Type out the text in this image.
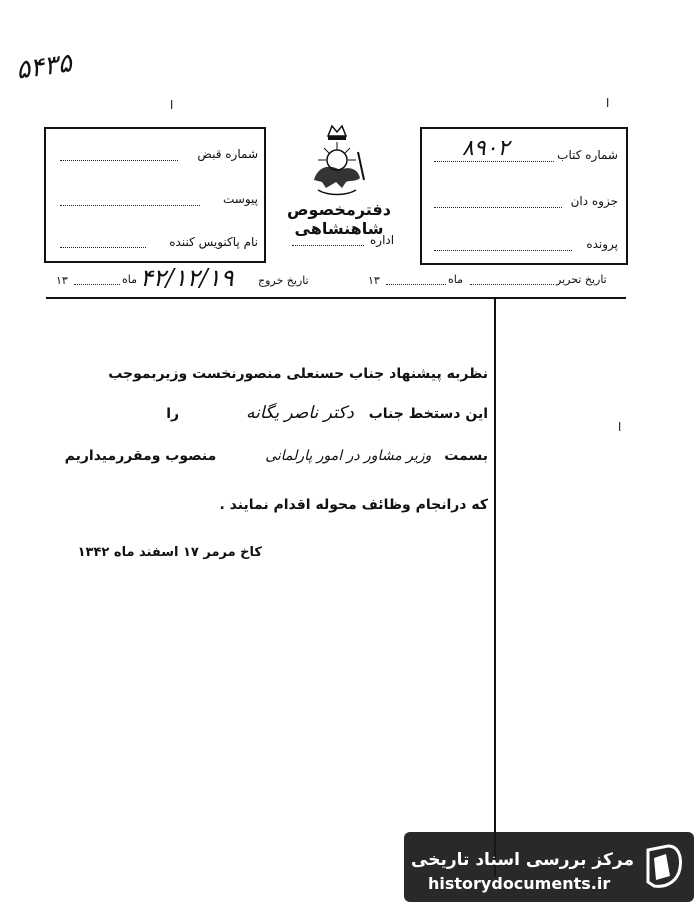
۵۴۳۵
ا	ا
ا
شماره قبض
پیوست
نام پاکنویس کننده
دفترمخصوص شاهنشاهی
اداره
شماره کتاب
۸۹۰۲
جزوه دان
پرونده
۱۳	ماه ۴۲/۱۲/۱۹ تاریخ خروج	۱۳	ماه	تاریخ تحریر
نظربه پیشنهاد جناب حسنعلی منصورنخست وزیربموجب
این دستخط جناب دکتر ناصر یگانه را
بسمت وزیر مشاور در امور پارلمانی منصوب ومقررمیداریم
که درانجام وظائف محوله اقدام نمایند .
کاخ مرمر ۱۷ اسفند ماه ۱۳۴۲
مرکز بررسی اسناد تاریخی
historydocuments.ir
